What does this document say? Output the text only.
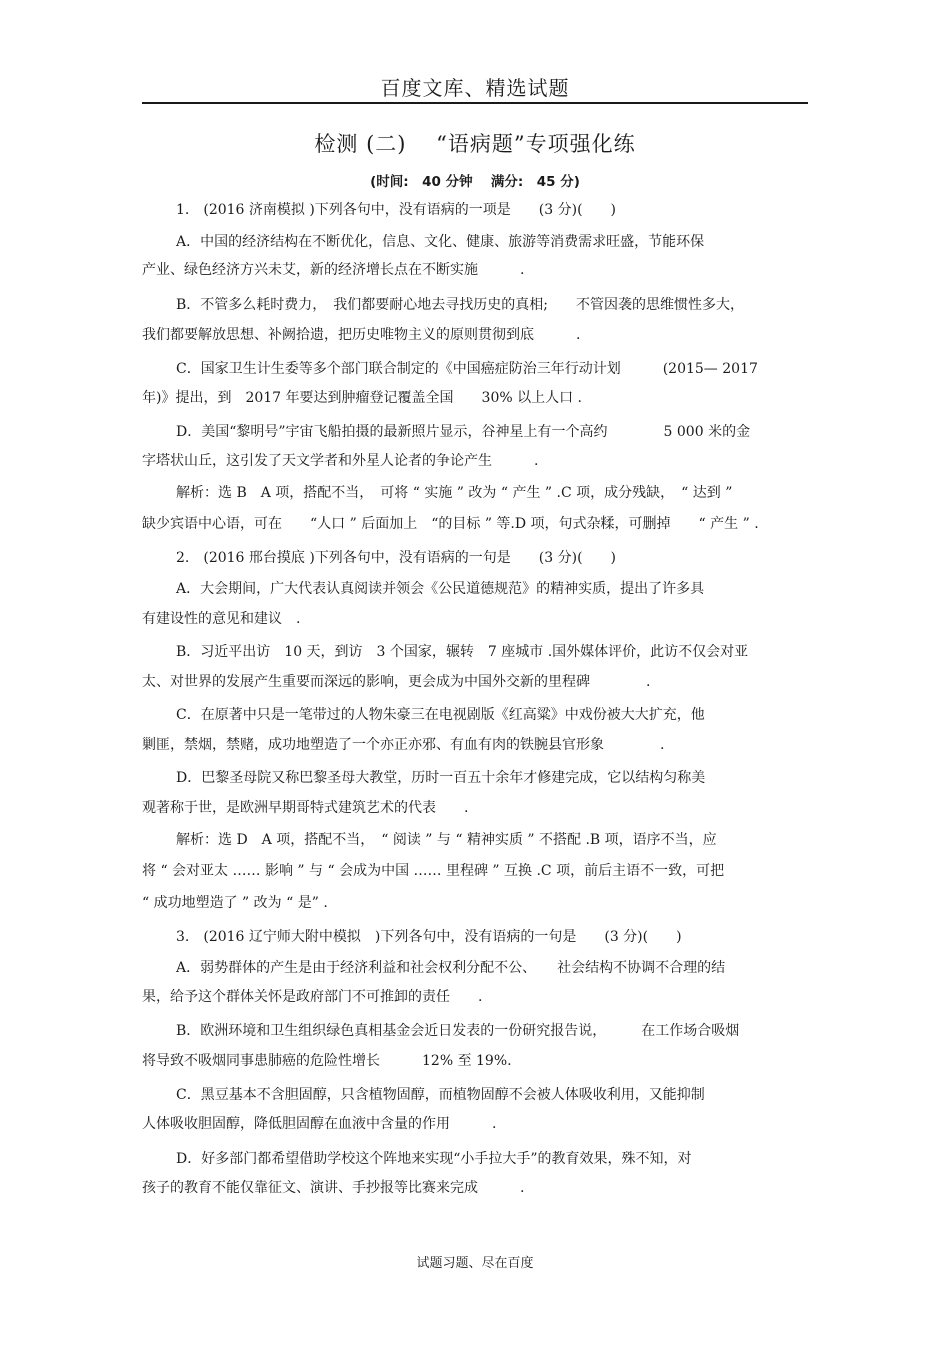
百度文库、精选试题
检测 (二)　 “语病题”专项强化练
(时间:　40 分钟　 满分:　45 分)
1.　(2016 济南模拟 )下列各句中，没有语病的一项是　　(3 分)(　　)
A．中国的经济结构在不断优化，信息、文化、健康、旅游等消费需求旺盛，节能环保
产业、绿色经济方兴未艾，新的经济增长点在不断实施　　　.
B．不管多么耗时费力，　我们都要耐心地去寻找历史的真相;　　不管因袭的思维惯性多大，
我们都要解放思想、补阙拾遗，把历史唯物主义的原则贯彻到底　　　.
C．国家卫生计生委等多个部门联合制定的《中国癌症防治三年行动计划　　　(2015— 2017
年)》提出，到　2017 年要达到肿瘤登记覆盖全国　　30% 以上人口 .
D．美国“黎明号”宇宙飞船拍摄的最新照片显示，谷神星上有一个高约　　　　5 000 米的金
字塔状山丘，这引发了天文学者和外星人论者的争论产生　　　.
解析：选 B　A 项，搭配不当，　可将 “ 实施 ” 改为 “ 产生 ” .C 项，成分残缺，　“ 达到 ”
缺少宾语中心语，可在　　“人口 ” 后面加上　“的目标 ” 等.D 项，句式杂糅，可删掉　　“ 产生 ” .
2.　(2016 邢台摸底 )下列各句中，没有语病的一句是　　(3 分)(　　)
A．大会期间，广大代表认真阅读并领会《公民道德规范》的精神实质，提出了许多具
有建设性的意见和建议　.
B．习近平出访　10 天，到访　3 个国家，辗转　7 座城市 .国外媒体评价，此访不仅会对亚
太、对世界的发展产生重要而深远的影响，更会成为中国外交新的里程碑　　　　.
C．在原著中只是一笔带过的人物朱豪三在电视剧版《红高粱》中戏份被大大扩充，他
剿匪，禁烟，禁赌，成功地塑造了一个亦正亦邪、有血有肉的铁腕县官形象　　　　.
D．巴黎圣母院又称巴黎圣母大教堂，历时一百五十余年才修建完成，它以结构匀称美
观著称于世，是欧洲早期哥特式建筑艺术的代表　　.
解析：选 D　A 项，搭配不当，　“ 阅读 ” 与 “ 精神实质 ” 不搭配 .B 项，语序不当，应
将 “ 会对亚太 …… 影响 ” 与 “ 会成为中国 …… 里程碑 ” 互换 .C 项，前后主语不一致，可把
“ 成功地塑造了 ” 改为 “ 是” .
3.　(2016 辽宁师大附中模拟　)下列各句中，没有语病的一句是　　(3 分)(　　)
A．弱势群体的产生是由于经济利益和社会权利分配不公、　　社会结构不协调不合理的结
果，给予这个群体关怀是政府部门不可推卸的责任　　.
B．欧洲环境和卫生组织绿色真相基金会近日发表的一份研究报告说，　　　在工作场合吸烟
将导致不吸烟同事患肺癌的危险性增长　　　12% 至 19%.
C．黑豆基本不含胆固醇，只含植物固醇，而植物固醇不会被人体吸收利用，又能抑制
人体吸收胆固醇，降低胆固醇在血液中含量的作用　　　.
D．好多部门都希望借助学校这个阵地来实现“小手拉大手”的教育效果，殊不知，对
孩子的教育不能仅靠征文、演讲、手抄报等比赛来完成　　　.
试题习题、尽在百度
